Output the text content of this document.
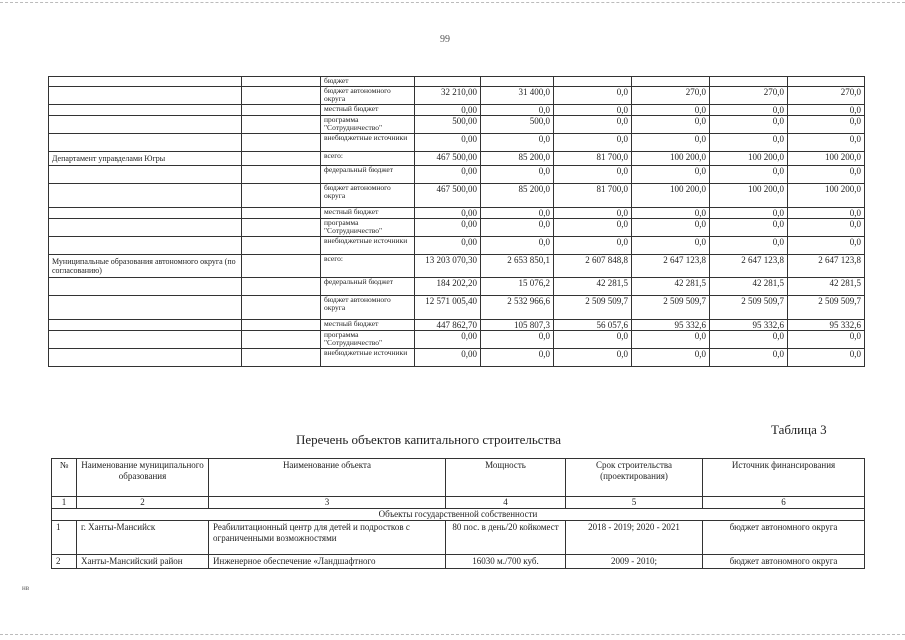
99
		бюджет						
		бюджет автономного округа	32 210,00	31 400,0	0,0	270,0	270,0	270,0
		местный бюджет	0,00	0,0	0,0	0,0	0,0	0,0
		программа "Сотрудничество"	500,00	500,0	0,0	0,0	0,0	0,0
		внебюджетные источники	0,00	0,0	0,0	0,0	0,0	0,0
Департамент управделами Югры		всего:	467 500,00	85 200,0	81 700,0	100 200,0	100 200,0	100 200,0
		федеральный бюджет	0,00	0,0	0,0	0,0	0,0	0,0
		бюджет автономного округа	467 500,00	85 200,0	81 700,0	100 200,0	100 200,0	100 200,0
		местный бюджет	0,00	0,0	0,0	0,0	0,0	0,0
		программа "Сотрудничество"	0,00	0,0	0,0	0,0	0,0	0,0
		внебюджетные источники	0,00	0,0	0,0	0,0	0,0	0,0
Муниципальные образования автономного округа (по согласованию)		всего:	13 203 070,30	2 653 850,1	2 607 848,8	2 647 123,8	2 647 123,8	2 647 123,8
		федеральный бюджет	184 202,20	15 076,2	42 281,5	42 281,5	42 281,5	42 281,5
		бюджет автономного округа	12 571 005,40	2 532 966,6	2 509 509,7	2 509 509,7	2 509 509,7	2 509 509,7
		местный бюджет	447 862,70	105 807,3	56 057,6	95 332,6	95 332,6	95 332,6
		программа "Сотрудничество"	0,00	0,0	0,0	0,0	0,0	0,0
		внебюджетные источники	0,00	0,0	0,0	0,0	0,0	0,0
Таблица 3
Перечень объектов капитального строительства
№	Наименование муниципального образования	Наименование объекта	Мощность	Срок строительства (проектирования)	Источник финансирования
1	2	3	4	5	6
Объекты государственной собственности					
1	г. Ханты-Мансийск	Реабилитационный центр для детей и подростков с ограниченными возможностями	80 пос. в день/20 койкомест	2018 - 2019; 2020 - 2021	бюджет автономного округа
2	Ханты-Мансийский район	Инженерное обеспечение «Ландшафтного	16030 м./700 куб.	2009 - 2010;	бюджет автономного округа
нв
